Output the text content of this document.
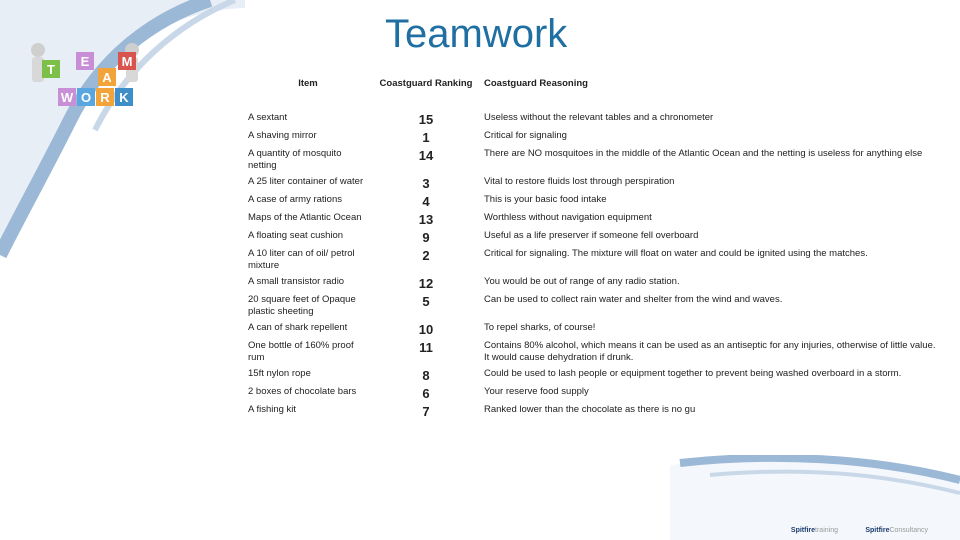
T
E
A
M
W O R K
Teamwork
Item	Coastguard Ranking	Coastguard Reasoning
A sextant	15	Useless without the relevant tables and a chronometer
A shaving mirror	1	Critical for signaling
A quantity of mosquito netting	14	There are NO mosquitoes in the middle of the Atlantic Ocean and the netting is useless for anything else
A 25 liter container of water	3	Vital to restore fluids lost through perspiration
A case of army rations	4	This is your basic food intake
Maps of the Atlantic Ocean	13	Worthless without navigation equipment
A floating seat cushion	9	Useful as a life preserver if someone fell overboard
A 10 liter can of oil/ petrol mixture	2	Critical for signaling. The mixture will float on water and could be ignited using the matches.
A small transistor radio	12	You would be out of range of any radio station.
20 square feet of Opaque plastic sheeting	5	Can be used to collect rain water and shelter from the wind and waves.
A can of shark repellent	10	To repel sharks, of course!
One bottle of 160% proof rum	11	Contains 80% alcohol, which means it can be used as an antiseptic for any injuries, otherwise of little value. It would cause dehydration if drunk.
15ft nylon rope	8	Could be used to lash people or equipment together to prevent being washed overboard in a storm.
2 boxes of chocolate bars	6	Your reserve food supply
A fishing kit	7	Ranked lower than the chocolate as there is no gu
Spitfiretraining	SpitfireConsultancy
